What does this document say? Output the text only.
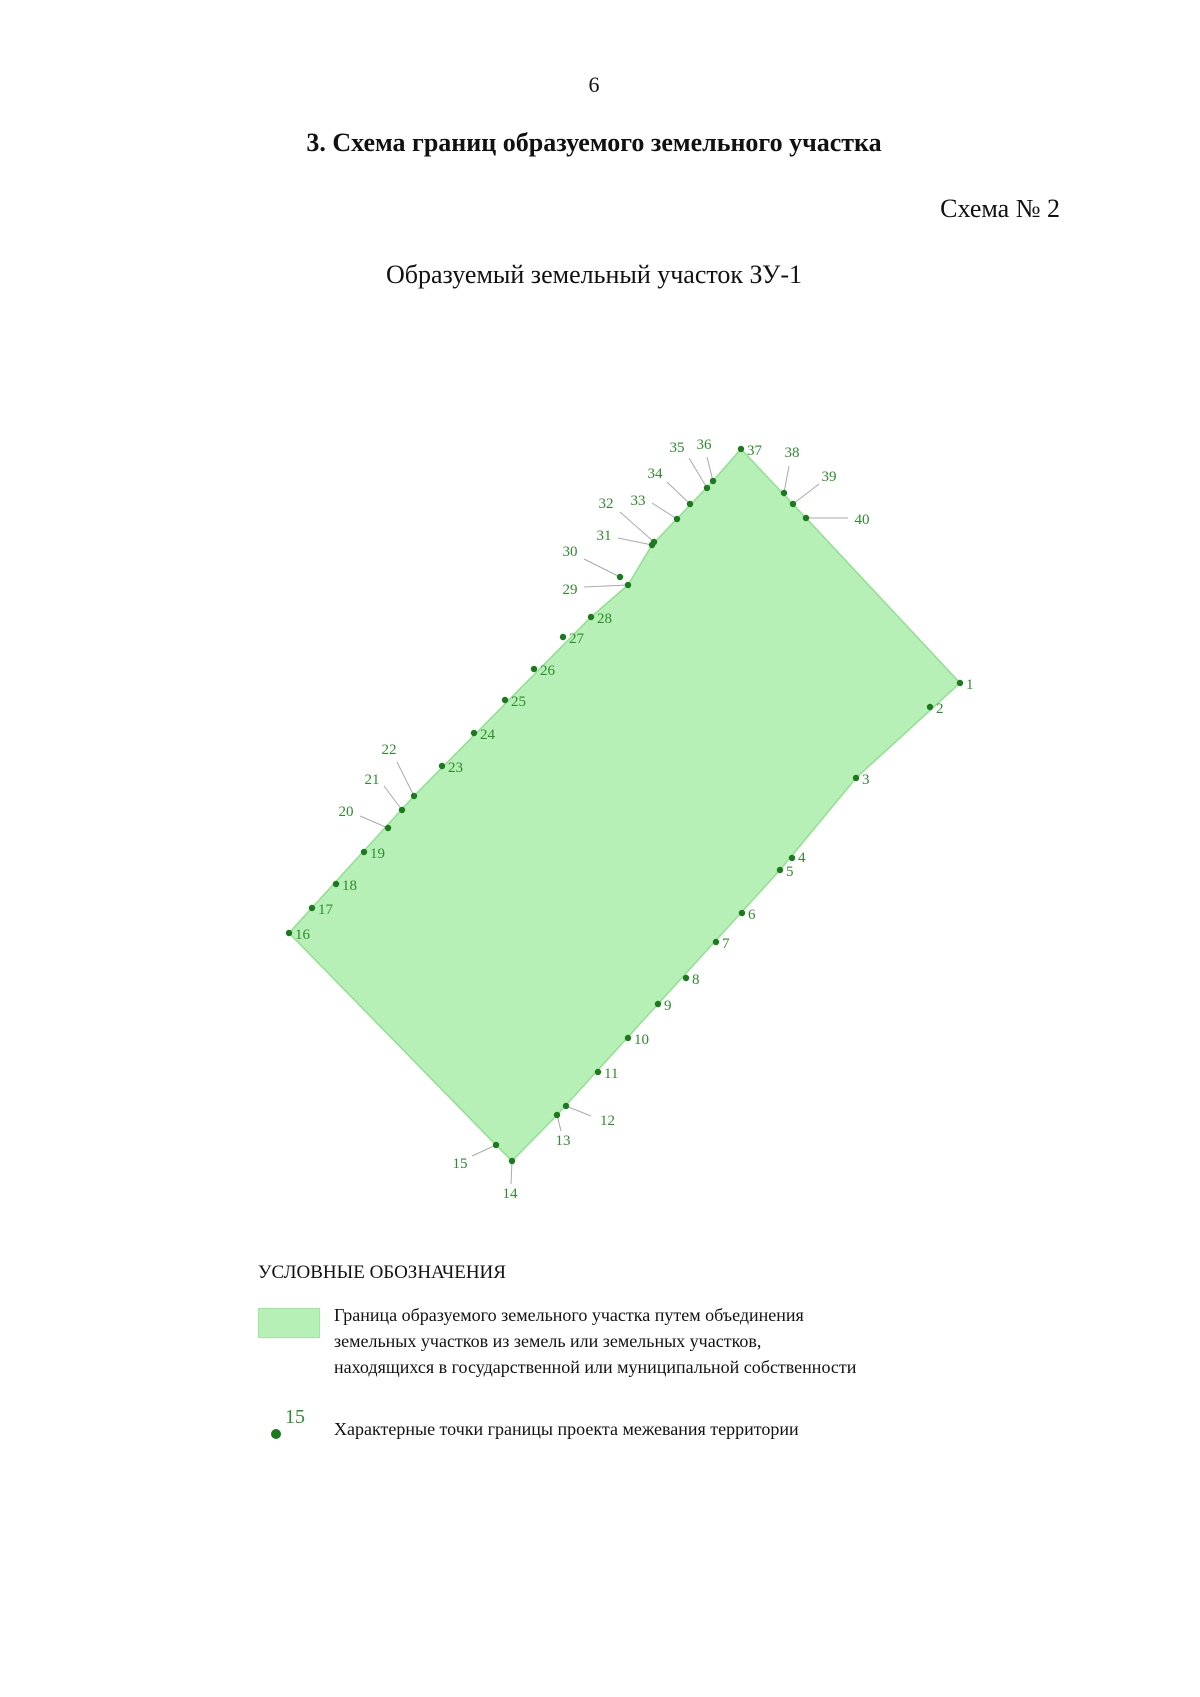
6
3. Схема границ образуемого земельного участка
Схема № 2
Образуемый земельный участок ЗУ-1
1
2
3
4
5
6
7
8
9
10
11
12
13
14
15
16
17
18
19
20
21
22
23
24
25
26
27
28
29
30
31
32 33
34
35 36 37 38
39
40
УСЛОВНЫЕ ОБОЗНАЧЕНИЯ
Граница образуемого земельного участка путем объединения
земельных участков из земель или земельных участков,
находящихся в государственной или муниципальной собственности
15
Характерные точки границы проекта межевания территории
